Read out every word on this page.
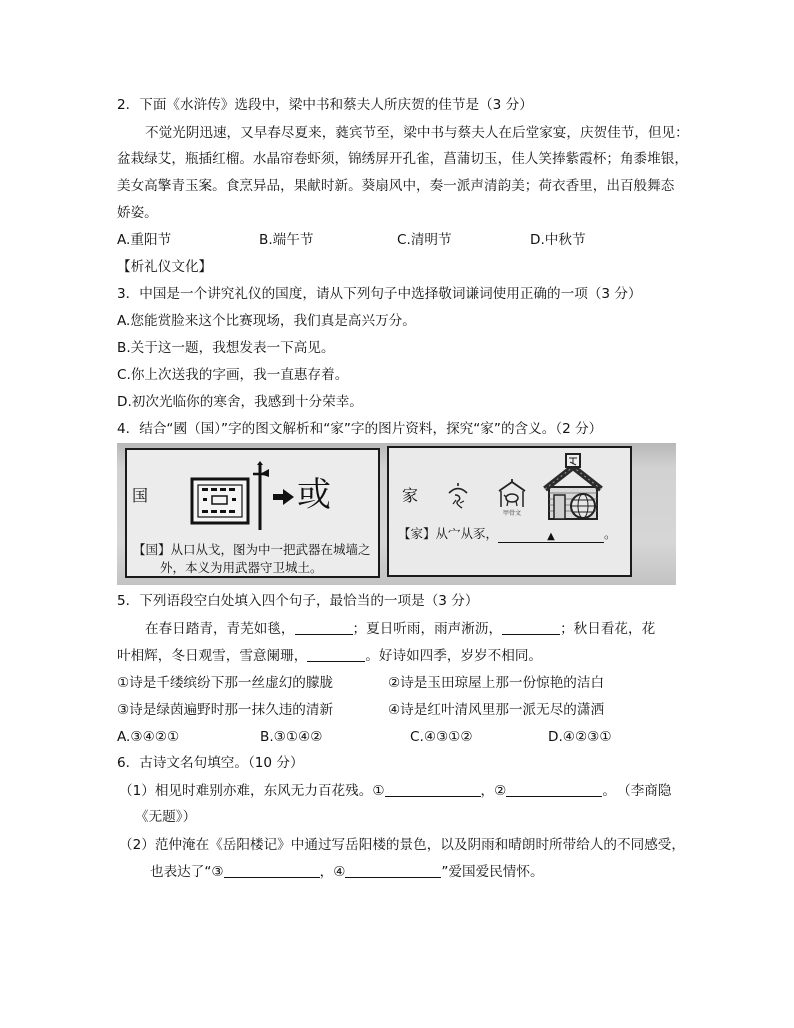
2．下面《水浒传》选段中，梁中书和蔡夫人所庆贺的佳节是（3 分）
不觉光阴迅速，又早春尽夏来，蕤宾节至，梁中书与蔡夫人在后堂家宴，庆贺佳节，但见：
盆栽绿艾，瓶插红榴。水晶帘卷虾须，锦绣屏开孔雀，菖蒲切玉，佳人笑捧紫霞杯；角黍堆银，
美女高擎青玉案。食烹异品，果献时新。葵扇风中，奏一派声清韵美；荷衣香里，出百般舞态
娇姿。
A.重阳节	B.端午节	C.清明节	D.中秋节
【析礼仪文化】
3．中国是一个讲究礼仪的国度，请从下列句子中选择敬词谦词使用正确的一项（3 分）
A.您能赏脸来这个比赛现场，我们真是高兴万分。
B.关于这一题，我想发表一下高见。
C.你上次送我的字画，我一直惠存着。
D.初次光临你的寒舍，我感到十分荣幸。
4．结合“國（国）”字的图文解析和“家”字的图片资料，探究“家”的含义。（2 分）
国	或
【国】从口从戈，图为中一把武器在城墙之
外，本义为用武器守卫城土。
家
甲骨文
【家】从宀从豕，	▲	。
5．下列语段空白处填入四个句子，最恰当的一项是（3 分）
在春日踏青，青芜如毯，	；夏日听雨，雨声淅沥，	；秋日看花，花
叶相辉，冬日观雪，雪意阑珊，	。好诗如四季，岁岁不相同。
①诗是千缕缤纷下那一丝虚幻的朦胧	②诗是玉田琼屋上那一份惊艳的洁白
③诗是绿茵遍野时那一抹久违的清新	④诗是红叶清风里那一派无尽的潇洒
A.③④②①	B.③①④②	C.④③①②	D.④②③①
6．古诗文名句填空。（10 分）
（1）相见时难别亦难，东风无力百花残。①	，②	。 （李商隐
《无题》）
（2）范仲淹在《岳阳楼记》中通过写岳阳楼的景色，以及阴雨和晴朗时所带给人的不同感受，
也表达了“③	，④	”爱国爱民情怀。
